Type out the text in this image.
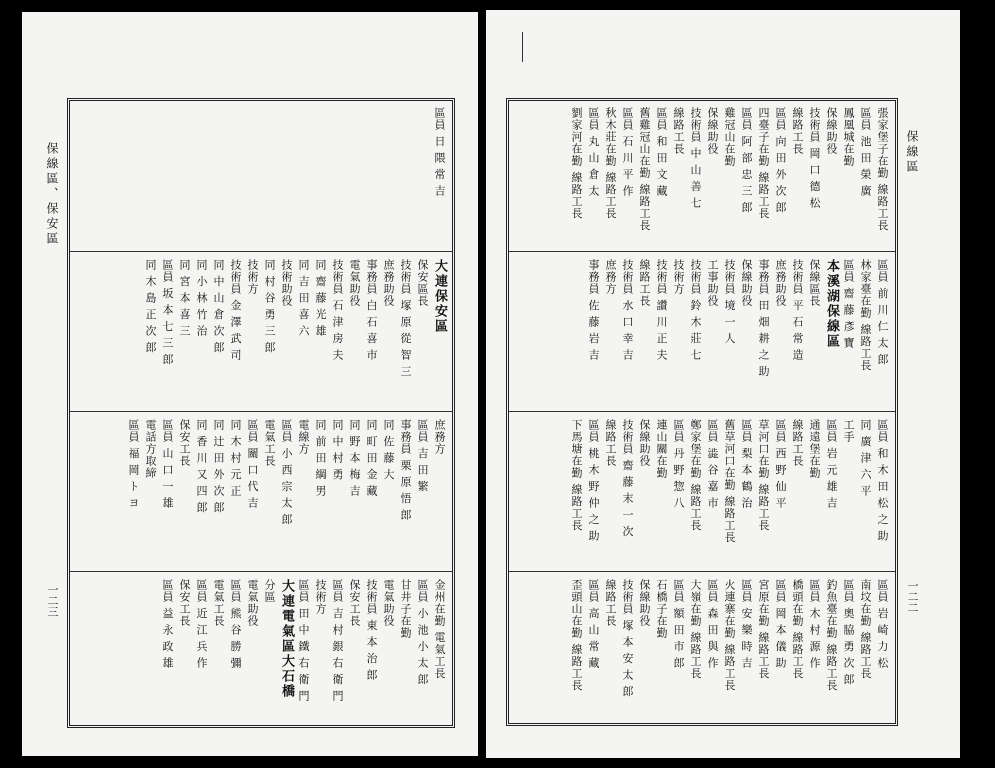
保線區、保安區
一二三
區員 日 隈 常 吉
大連保安區
保安區長
技術員 塚 原 從 智 三
庶務助役
事務員 白 石 喜 市
電氣助役
技術員 石 津 房 夫
同 齋 藤 光 雄
同 吉 田 喜 六
技術助役
同 村 谷 勇 三 郎
技術方
技術員 金 澤 武 司
同 中 山 倉 次 郎
同 小 林 竹 治
同 宮 本 喜 三
區員 坂 本 七 三 郎
同 木 島 正 次 郎
庶務方
區員 吉 田 繁
事務員 栗 原 悟 郎
同 佐 藤 大
同 町 田 金 藏
同 野 本 梅 吉
同 中 村 勇
同 前 田 綱 男
電線方
區員 小 西 宗 太 郎
電氣工長
區員 關 口 代 吉
同 木 村 元 正
同 辻 田 外 次 郎
同 香 川 又 四 郎
保安工長
區員 山 口 一 雄
電話方取締
區員 福 岡 ト ヨ
金州在勤 電氣工長
區員 小 池 小 太 郎
甘井子在勤
電氣助役
技術員 東 本 治 郎
保安工長
區員 吉 村 銀 右 衛 門
技術方
區員 田 中 鐵 右 衛 門
大連電氣區大石橋
分區
電氣助役
區員 熊 谷 勝 彌
電氣工長
區員 近 江 兵 作
保安工長
區員 益 永 政 雄
保線區
一二二
張家堡子在勤 線路工長
區員 池 田 榮 廣
鳳凰城在勤
保線助役
技術員 岡 口 德 松
線路工長
區員 向 田 外 次 郎
四臺子在勤 線路工長
區員 阿 部 忠 三 郎
雞冠山在勤
保線助役
技術員 中 山 善 七
線路工長
區員 和 田 文 藏
舊雞冠山在勤 線路工長
區員 石 川 平 作
秋木莊在勤 線路工長
區員 丸 山 倉 太
劉家河在勤 線路工長
區員 前 川 仁 太 郎
林家臺在勤 線路工長
區員 齋 藤 彥 寶
本溪湖保線區
保線區長
技術員 平 石 常 造
庶務助役
事務員 田 畑 耕 之 助
保線助役
技術員 境 一 人
工事助役
技術員 鈴 木 莊 七
技術方
技術員 讚 川 正 夫
線路工長
技術員 水 口 幸 吉
庶務方
事務員 佐 藤 岩 吉
區員 和 木 田 松 之 助
同 廣 津 六 平
工手
區員 岩 元 雄 吉
通遠堡在勤
線路工長
區員 西 野 仙 平
草河口在勤 線路工長
區員 梨 本 鶴 治
舊草河口在勤 線路工長
區員 澁 谷 嘉 市
鄭家堡在勤 線路工長
區員 丹 野 惣 八
連山關在勤
保線助役
技術員 齋 藤 末 一 次
線路工長
區員 桃 木 野 仲 之 助
下馬塘在勤 線路工長
區員 岩 崎 力 松
南坟在勤 線路工長
區員 奧 脇 勇 次 郎
釣魚臺在勤 線路工長
區員 木 村 源 作
橋頭在勤 線路工長
區員 岡 本 儀 助
宮原在勤 線路工長
區員 安 樂 時 吉
火連寨在勤 線路工長
區員 森 田 與 作
大嶺在勤 線路工長
區員 額 田 市 郎
石橋子在勤
保線助役
技術員 塚 本 安 太 郎
線路工長
區員 高 山 常 藏
歪頭山在勤 線路工長
